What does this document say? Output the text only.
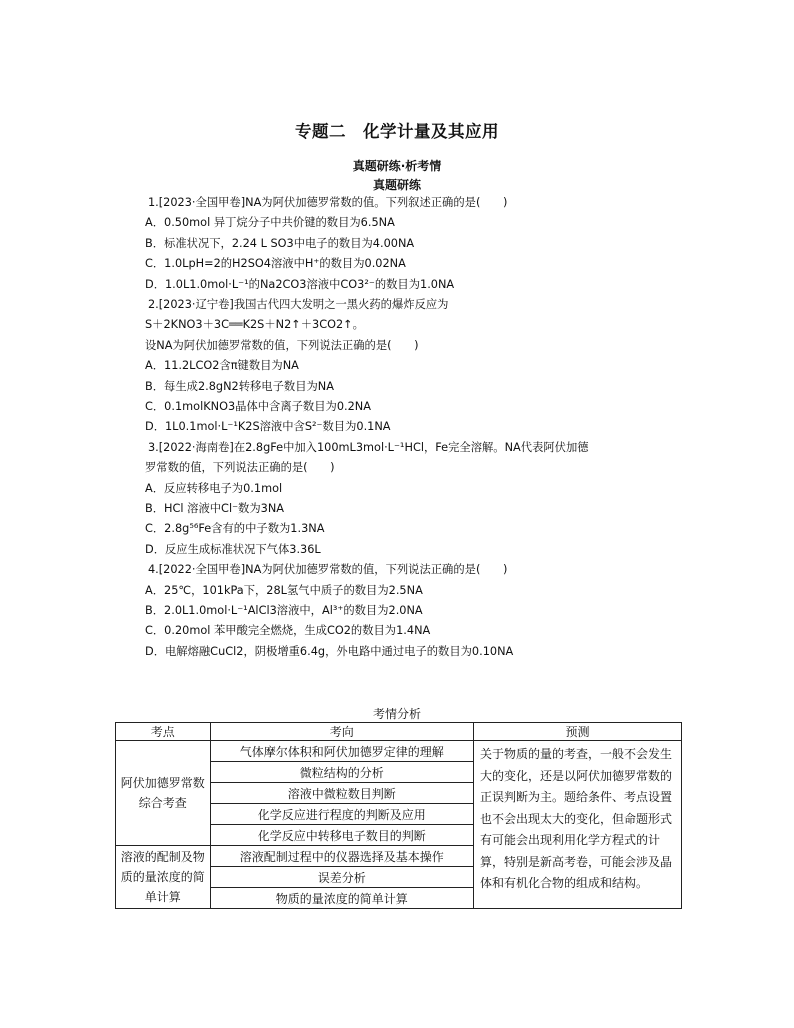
专题二　化学计量及其应用
真题研练·析考情
真题研练
1.[2023·全国甲卷]NA为阿伏加德罗常数的值。下列叙述正确的是(　　)
A．0.50mol 异丁烷分子中共价键的数目为6.5NA
B．标准状况下，2.24 L SO3中电子的数目为4.00NA
C．1.0LpH=2的H2SO4溶液中H⁺的数目为0.02NA
D．1.0L1.0mol·L⁻¹的Na2CO3溶液中CO3²⁻的数目为1.0NA
2.[2023·辽宁卷]我国古代四大发明之一黑火药的爆炸反应为
S＋2KNO3＋3C══K2S＋N2↑＋3CO2↑。
设NA为阿伏加德罗常数的值，下列说法正确的是(　　)
A．11.2LCO2含π键数目为NA
B．每生成2.8gN2转移电子数目为NA
C．0.1molKNO3晶体中含离子数目为0.2NA
D．1L0.1mol·L⁻¹K2S溶液中含S²⁻数目为0.1NA
3.[2022·海南卷]在2.8gFe中加入100mL3mol·L⁻¹HCl，Fe完全溶解。NA代表阿伏加德
罗常数的值，下列说法正确的是(　　)
A．反应转移电子为0.1mol
B．HCl 溶液中Cl⁻数为3NA
C．2.8g⁵⁶Fe含有的中子数为1.3NA
D．反应生成标准状况下气体3.36L
4.[2022·全国甲卷]NA为阿伏加德罗常数的值，下列说法正确的是(　　)
A．25℃，101kPa下，28L氢气中质子的数目为2.5NA
B．2.0L1.0mol·L⁻¹AlCl3溶液中，Al³⁺的数目为2.0NA
C．0.20mol 苯甲酸完全燃烧，生成CO2的数目为1.4NA
D．电解熔融CuCl2，阴极增重6.4g，外电路中通过电子的数目为0.10NA
考情分析
考点	考向	预测
阿伏加德罗常数综合考查	气体摩尔体积和阿伏加德罗定律的理解	关于物质的量的考查，一般不会发生大的变化，还是以阿伏加德罗常数的正误判断为主。题给条件、考点设置也不会出现太大的变化，但命题形式有可能会出现利用化学方程式的计算，特别是新高考卷，可能会涉及晶体和有机化合物的组成和结构。
	微粒结构的分析	
	溶液中微粒数目判断	
	化学反应进行程度的判断及应用	
	化学反应中转移电子数目的判断	
溶液的配制及物质的量浓度的简单计算	溶液配制过程中的仪器选择及基本操作	
	误差分析	
	物质的量浓度的简单计算	
